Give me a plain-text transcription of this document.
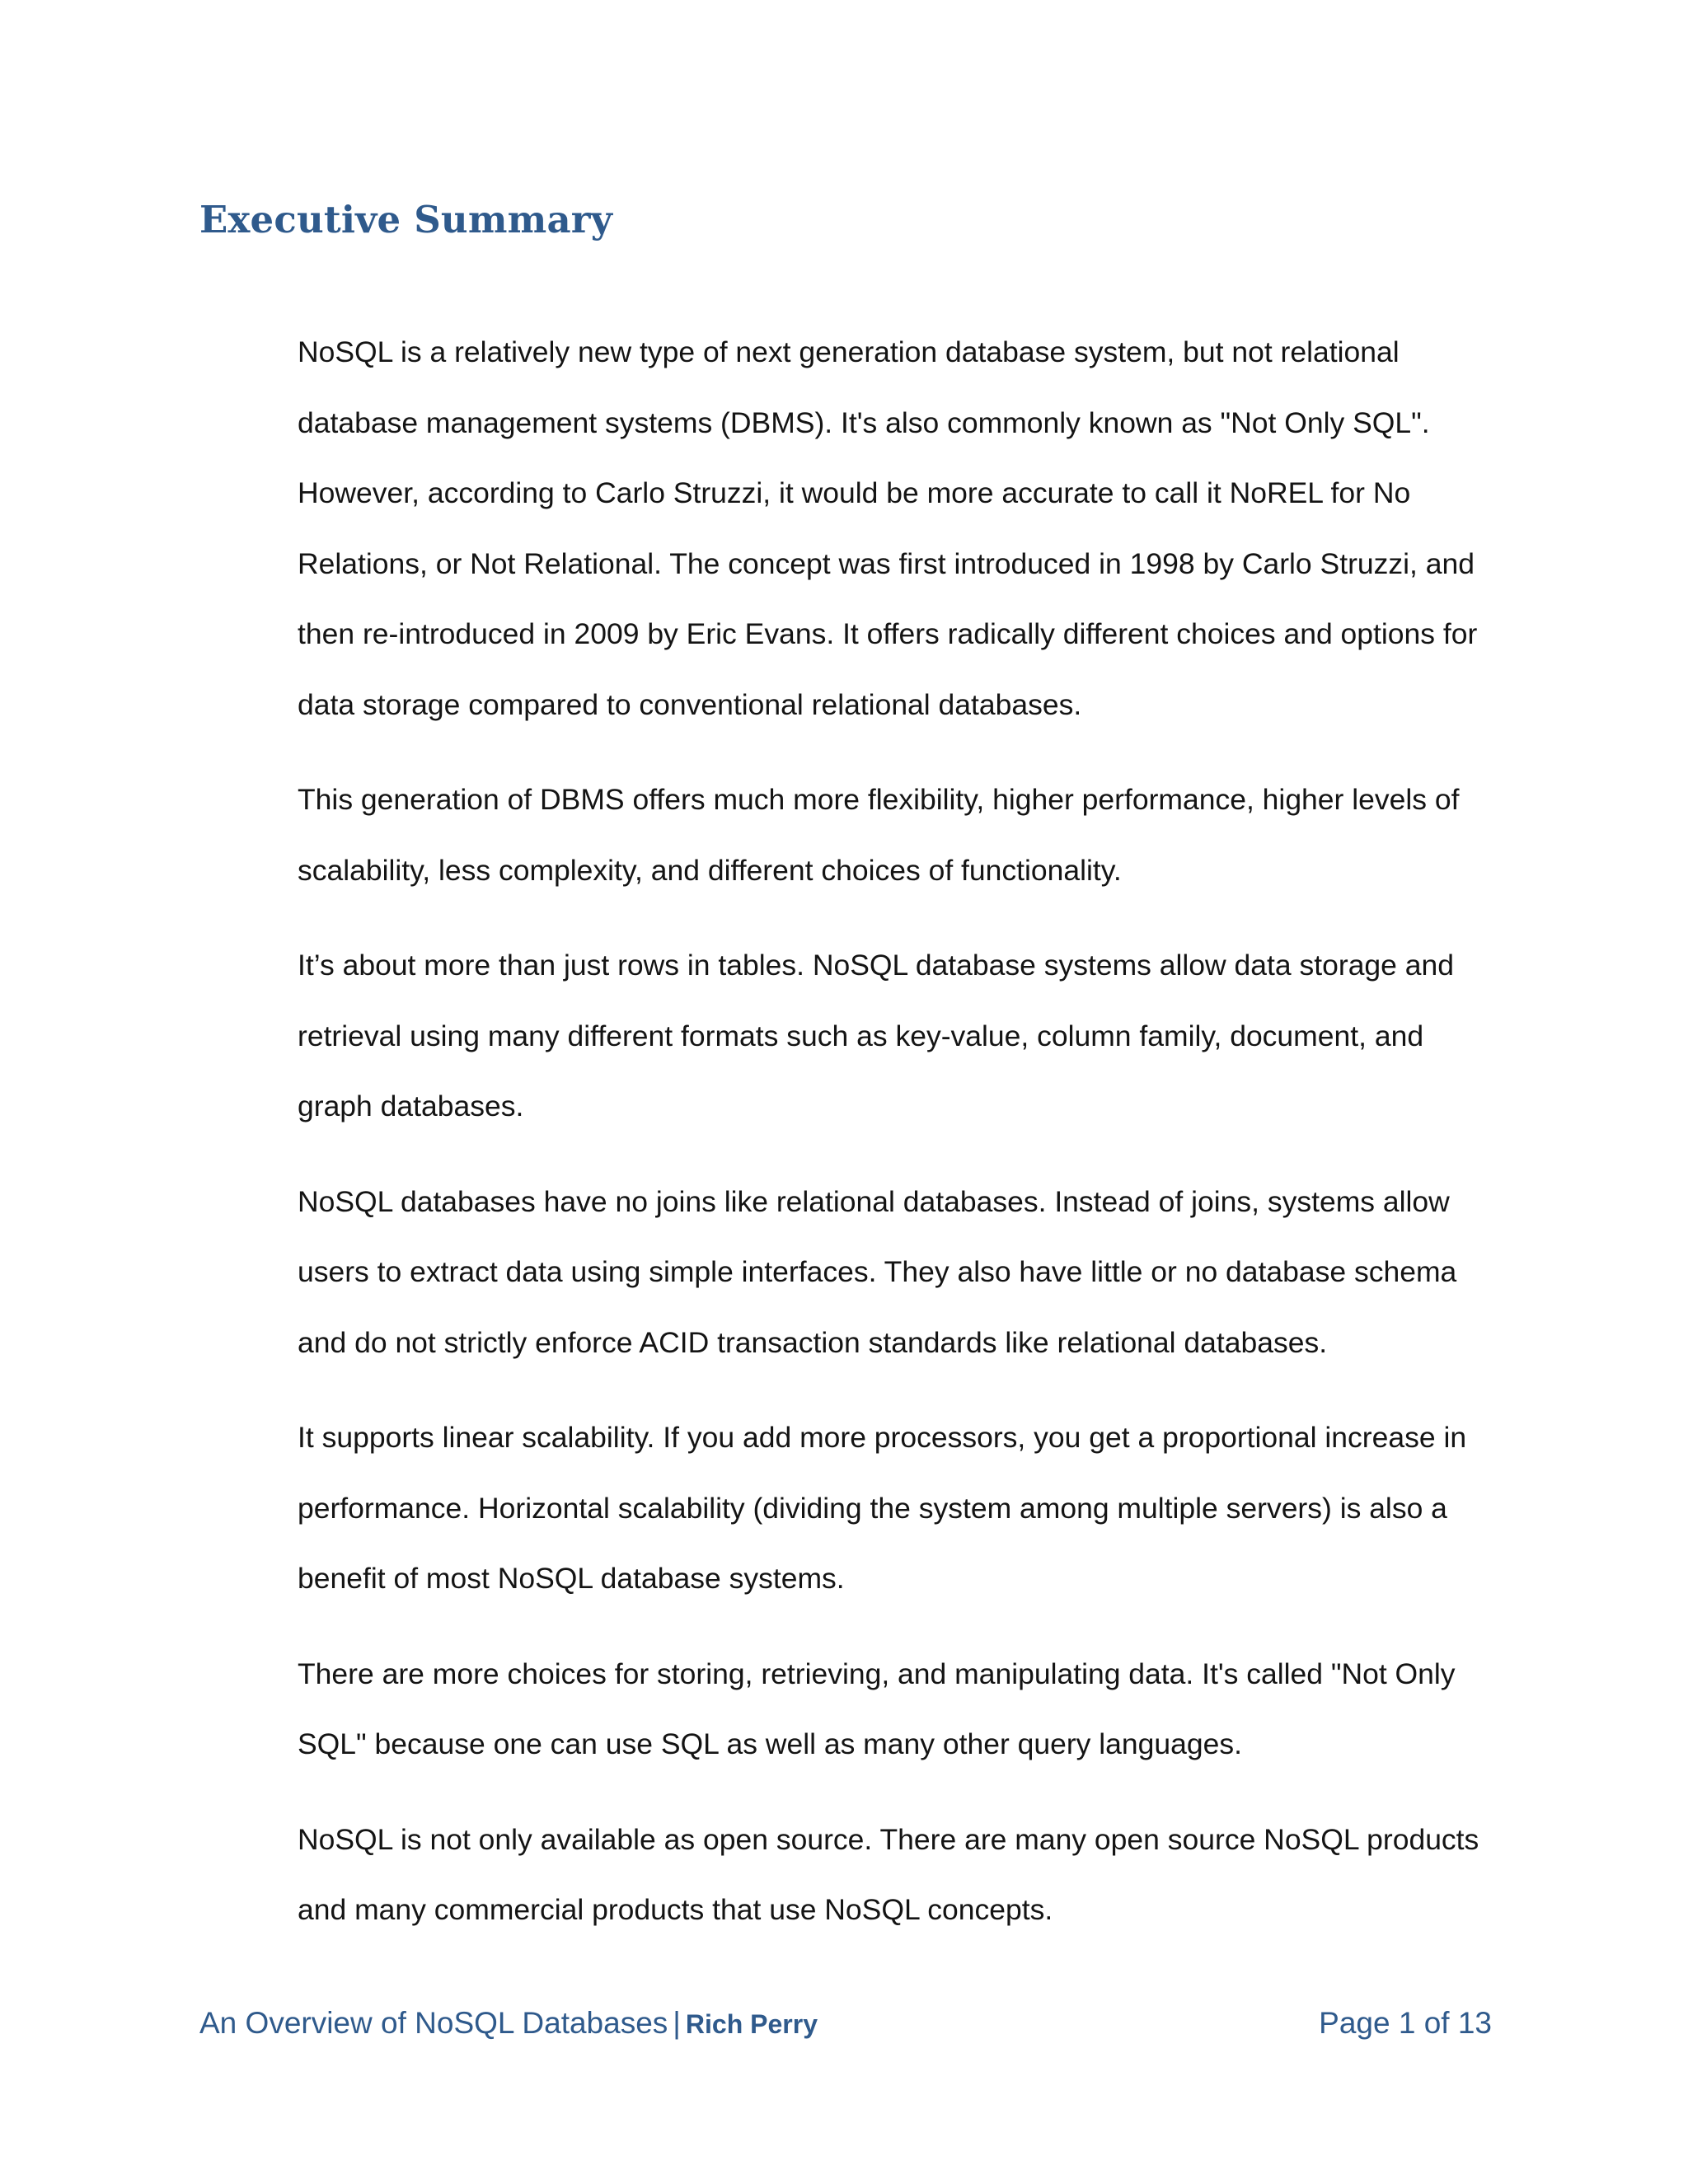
Executive Summary

NoSQL is a relatively new type of next generation database system, but not relational database management systems (DBMS). It's also commonly known as "Not Only SQL". However, according to Carlo Struzzi, it would be more accurate to call it NoREL for No Relations, or Not Relational. The concept was first introduced in 1998 by Carlo Struzzi, and then re-introduced in 2009 by Eric Evans. It offers radically different choices and options for data storage compared to conventional relational databases.

This generation of DBMS offers much more flexibility, higher performance, higher levels of scalability, less complexity, and different choices of functionality.

It’s about more than just rows in tables. NoSQL database systems allow data storage and retrieval using many different formats such as key-value, column family, document, and graph databases.

NoSQL databases have no joins like relational databases. Instead of joins, systems allow users to extract data using simple interfaces. They also have little or no database schema and do not strictly enforce ACID transaction standards like relational databases.

It supports linear scalability. If you add more processors, you get a proportional increase in performance. Horizontal scalability (dividing the system among multiple servers) is also a benefit of most NoSQL database systems.

There are more choices for storing, retrieving, and manipulating data. It's called "Not Only SQL" because one can use SQL as well as many other query languages.

NoSQL is not only available as open source. There are many open source NoSQL products and many commercial products that use NoSQL concepts.

An Overview of NoSQL Databases | Rich Perry	Page 1 of 13
